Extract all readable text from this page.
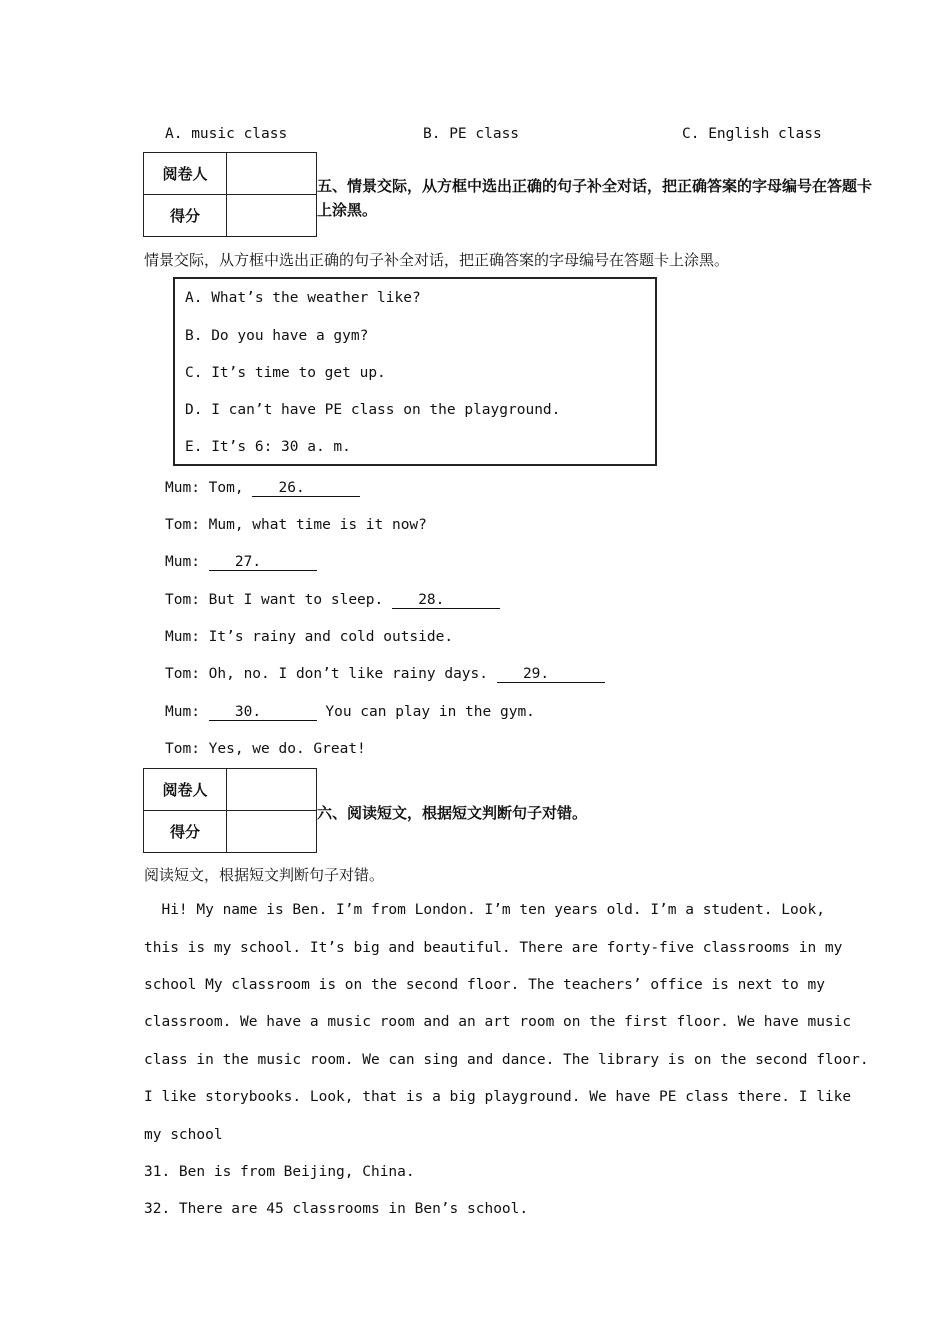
A. music class	B. PE class	C. English class
阅卷人	
得分	
五、情景交际，从方框中选出正确的句子补全对话，把正确答案的字母编号在答题卡
上涂黑。
情景交际，从方框中选出正确的句子补全对话，把正确答案的字母编号在答题卡上涂黑。
A. What’s the weather like?
B. Do you have a gym?
C. It’s time to get up.
D. I can’t have PE class on the playground.
E. It’s 6: 30 a. m.
Mum: Tom,    26.
Tom: Mum, what time is it now?
Mum:    27.
Tom: But I want to sleep.    28.
Mum: It’s rainy and cold outside.
Tom: Oh, no. I don’t like rainy days.    29.
Mum:    30.	You can play in the gym.
Tom: Yes, we do. Great!
阅卷人	
得分	
六、阅读短文，根据短文判断句子对错。
阅读短文，根据短文判断句子对错。
Hi! My name is Ben. I’m from London. I’m ten years old. I’m a student. Look,
this is my school. It’s big and beautiful. There are forty-five classrooms in my
school My classroom is on the second floor. The teachers’ office is next to my
classroom. We have a music room and an art room on the first floor. We have music
class in the music room. We can sing and dance. The library is on the second floor.
I like storybooks. Look, that is a big playground. We have PE class there. I like
my school
31. Ben is from Beijing, China.
32. There are 45 classrooms in Ben’s school.
